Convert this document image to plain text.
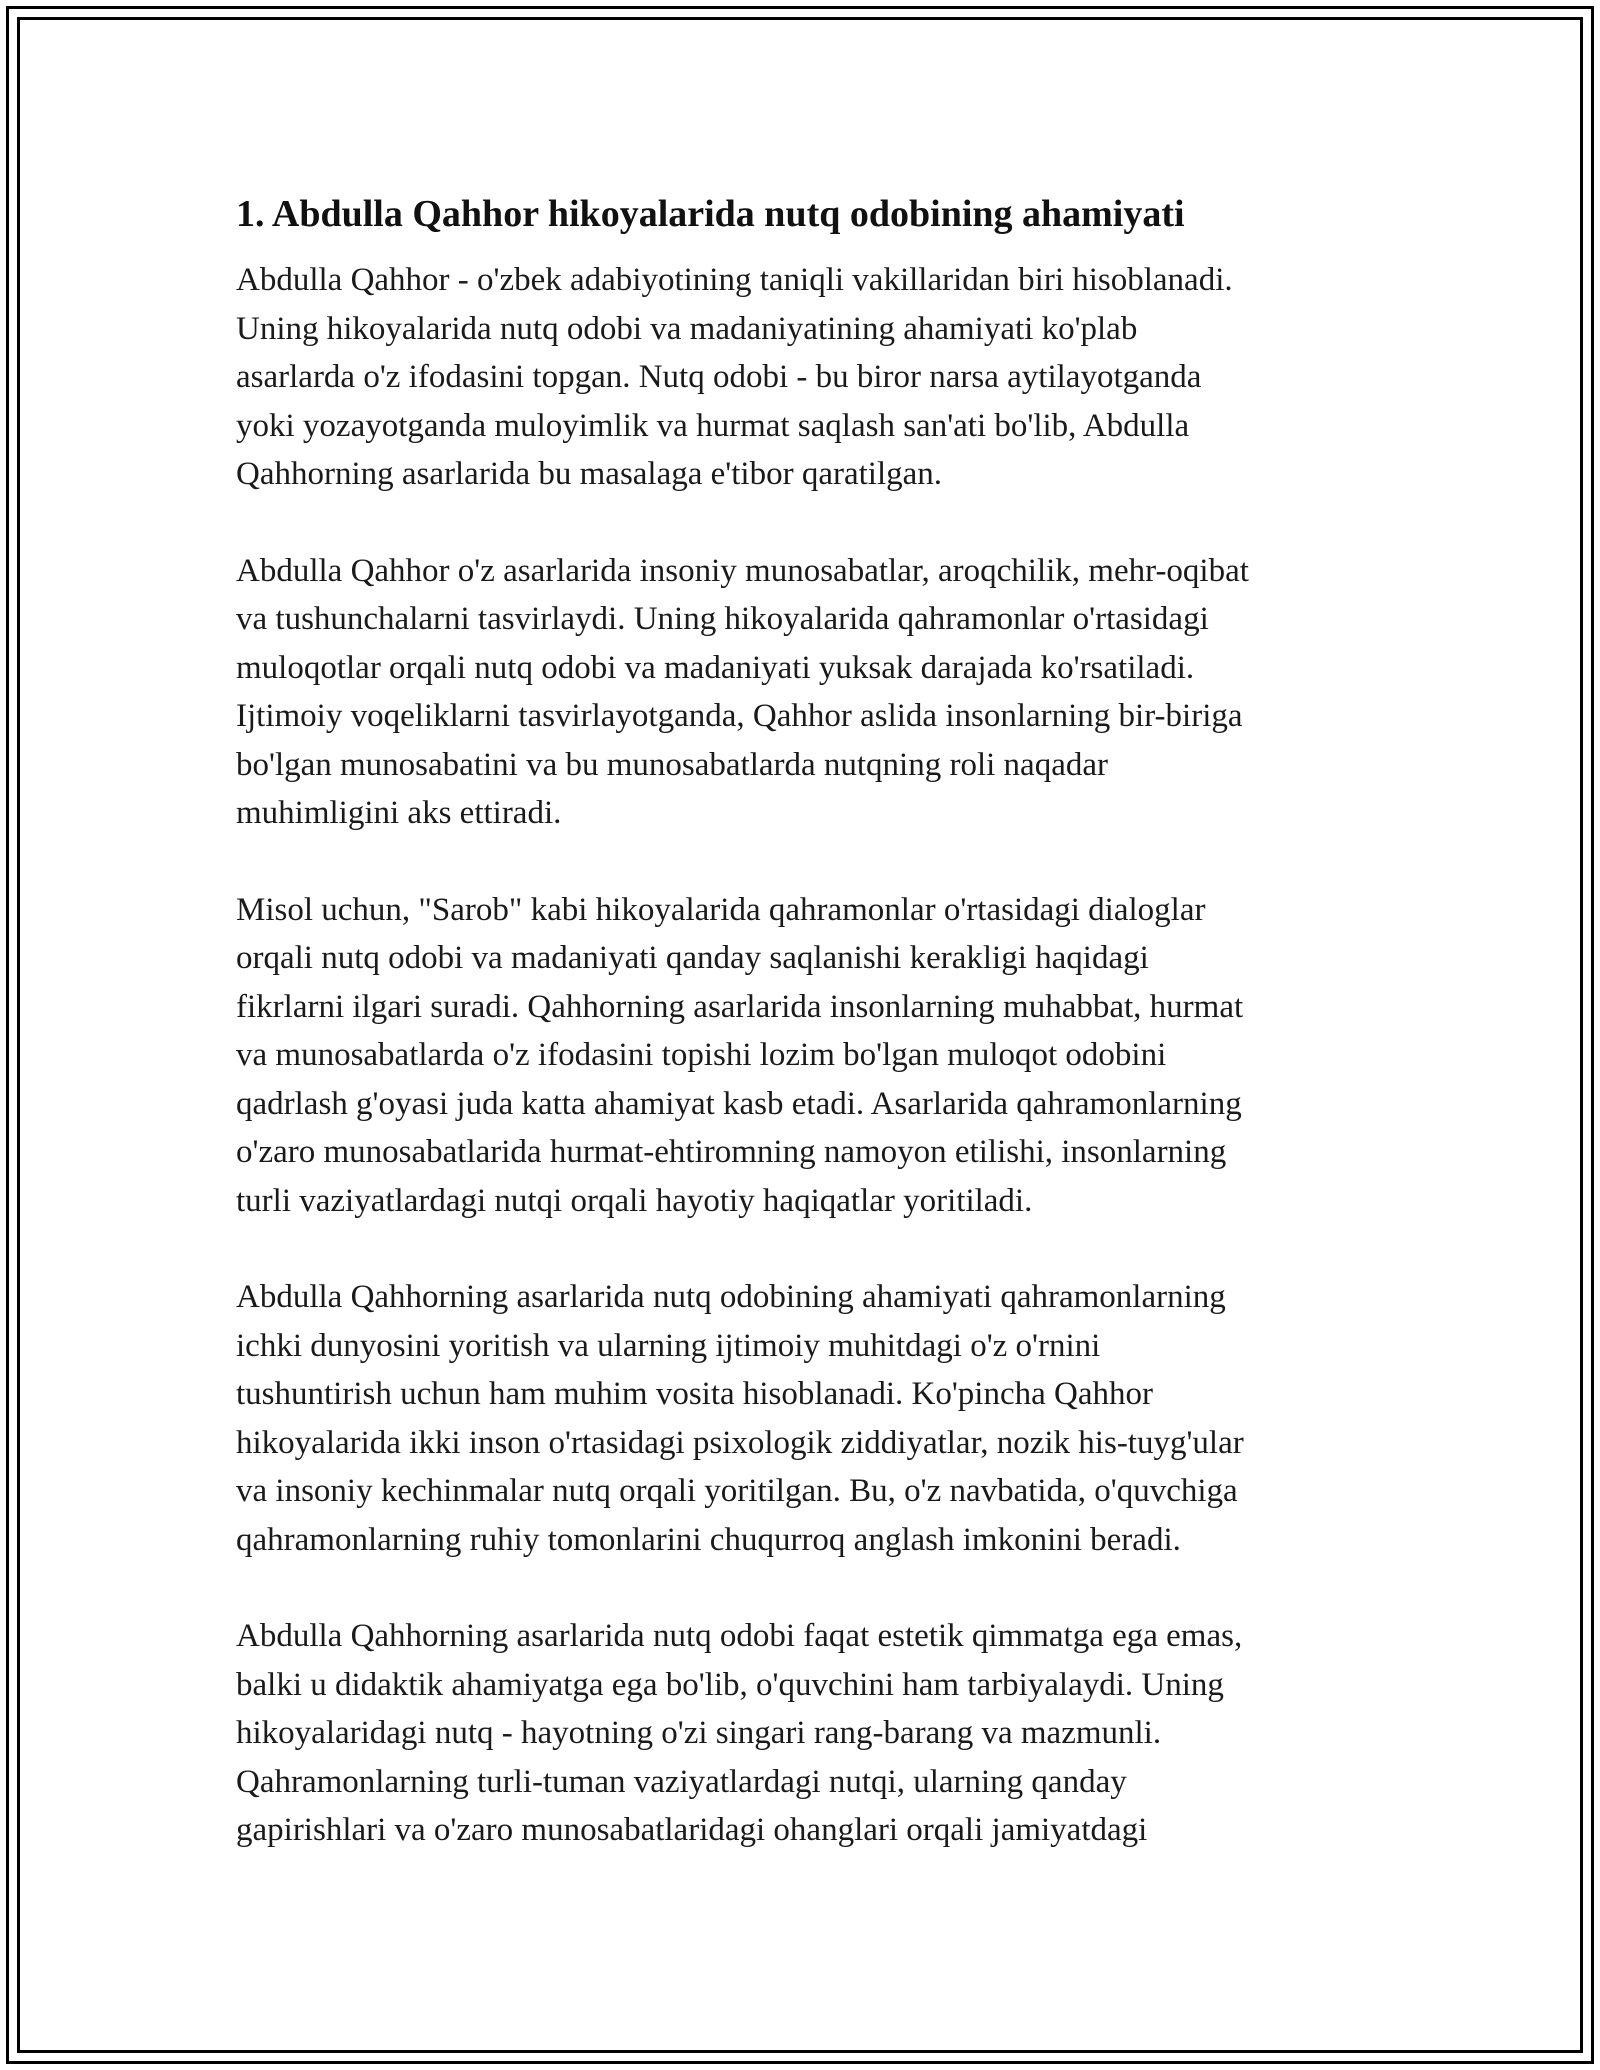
1. Abdulla Qahhor hikoyalarida nutq odobining ahamiyati

Abdulla Qahhor - o'zbek adabiyotining taniqli vakillaridan biri hisoblanadi.
Uning hikoyalarida nutq odobi va madaniyatining ahamiyati ko'plab
asarlarda o'z ifodasini topgan. Nutq odobi - bu biror narsa aytilayotganda
yoki yozayotganda muloyimlik va hurmat saqlash san'ati bo'lib, Abdulla
Qahhorning asarlarida bu masalaga e'tibor qaratilgan.

Abdulla Qahhor o'z asarlarida insoniy munosabatlar, aroqchilik, mehr-oqibat
va tushunchalarni tasvirlaydi. Uning hikoyalarida qahramonlar o'rtasidagi
muloqotlar orqali nutq odobi va madaniyati yuksak darajada ko'rsatiladi.
Ijtimoiy voqeliklarni tasvirlayotganda, Qahhor aslida insonlarning bir-biriga
bo'lgan munosabatini va bu munosabatlarda nutqning roli naqadar
muhimligini aks ettiradi.

Misol uchun, "Sarob" kabi hikoyalarida qahramonlar o'rtasidagi dialoglar
orqali nutq odobi va madaniyati qanday saqlanishi kerakligi haqidagi
fikrlarni ilgari suradi. Qahhorning asarlarida insonlarning muhabbat, hurmat
va munosabatlarda o'z ifodasini topishi lozim bo'lgan muloqot odobini
qadrlash g'oyasi juda katta ahamiyat kasb etadi. Asarlarida qahramonlarning
o'zaro munosabatlarida hurmat-ehtiromning namoyon etilishi, insonlarning
turli vaziyatlardagi nutqi orqali hayotiy haqiqatlar yoritiladi.

Abdulla Qahhorning asarlarida nutq odobining ahamiyati qahramonlarning
ichki dunyosini yoritish va ularning ijtimoiy muhitdagi o'z o'rnini
tushuntirish uchun ham muhim vosita hisoblanadi. Ko'pincha Qahhor
hikoyalarida ikki inson o'rtasidagi psixologik ziddiyatlar, nozik his-tuyg'ular
va insoniy kechinmalar nutq orqali yoritilgan. Bu, o'z navbatida, o'quvchiga
qahramonlarning ruhiy tomonlarini chuqurroq anglash imkonini beradi.

Abdulla Qahhorning asarlarida nutq odobi faqat estetik qimmatga ega emas,
balki u didaktik ahamiyatga ega bo'lib, o'quvchini ham tarbiyalaydi. Uning
hikoyalaridagi nutq - hayotning o'zi singari rang-barang va mazmunli.
Qahramonlarning turli-tuman vaziyatlardagi nutqi, ularning qanday
gapirishlari va o'zaro munosabatlaridagi ohanglari orqali jamiyatdagi
